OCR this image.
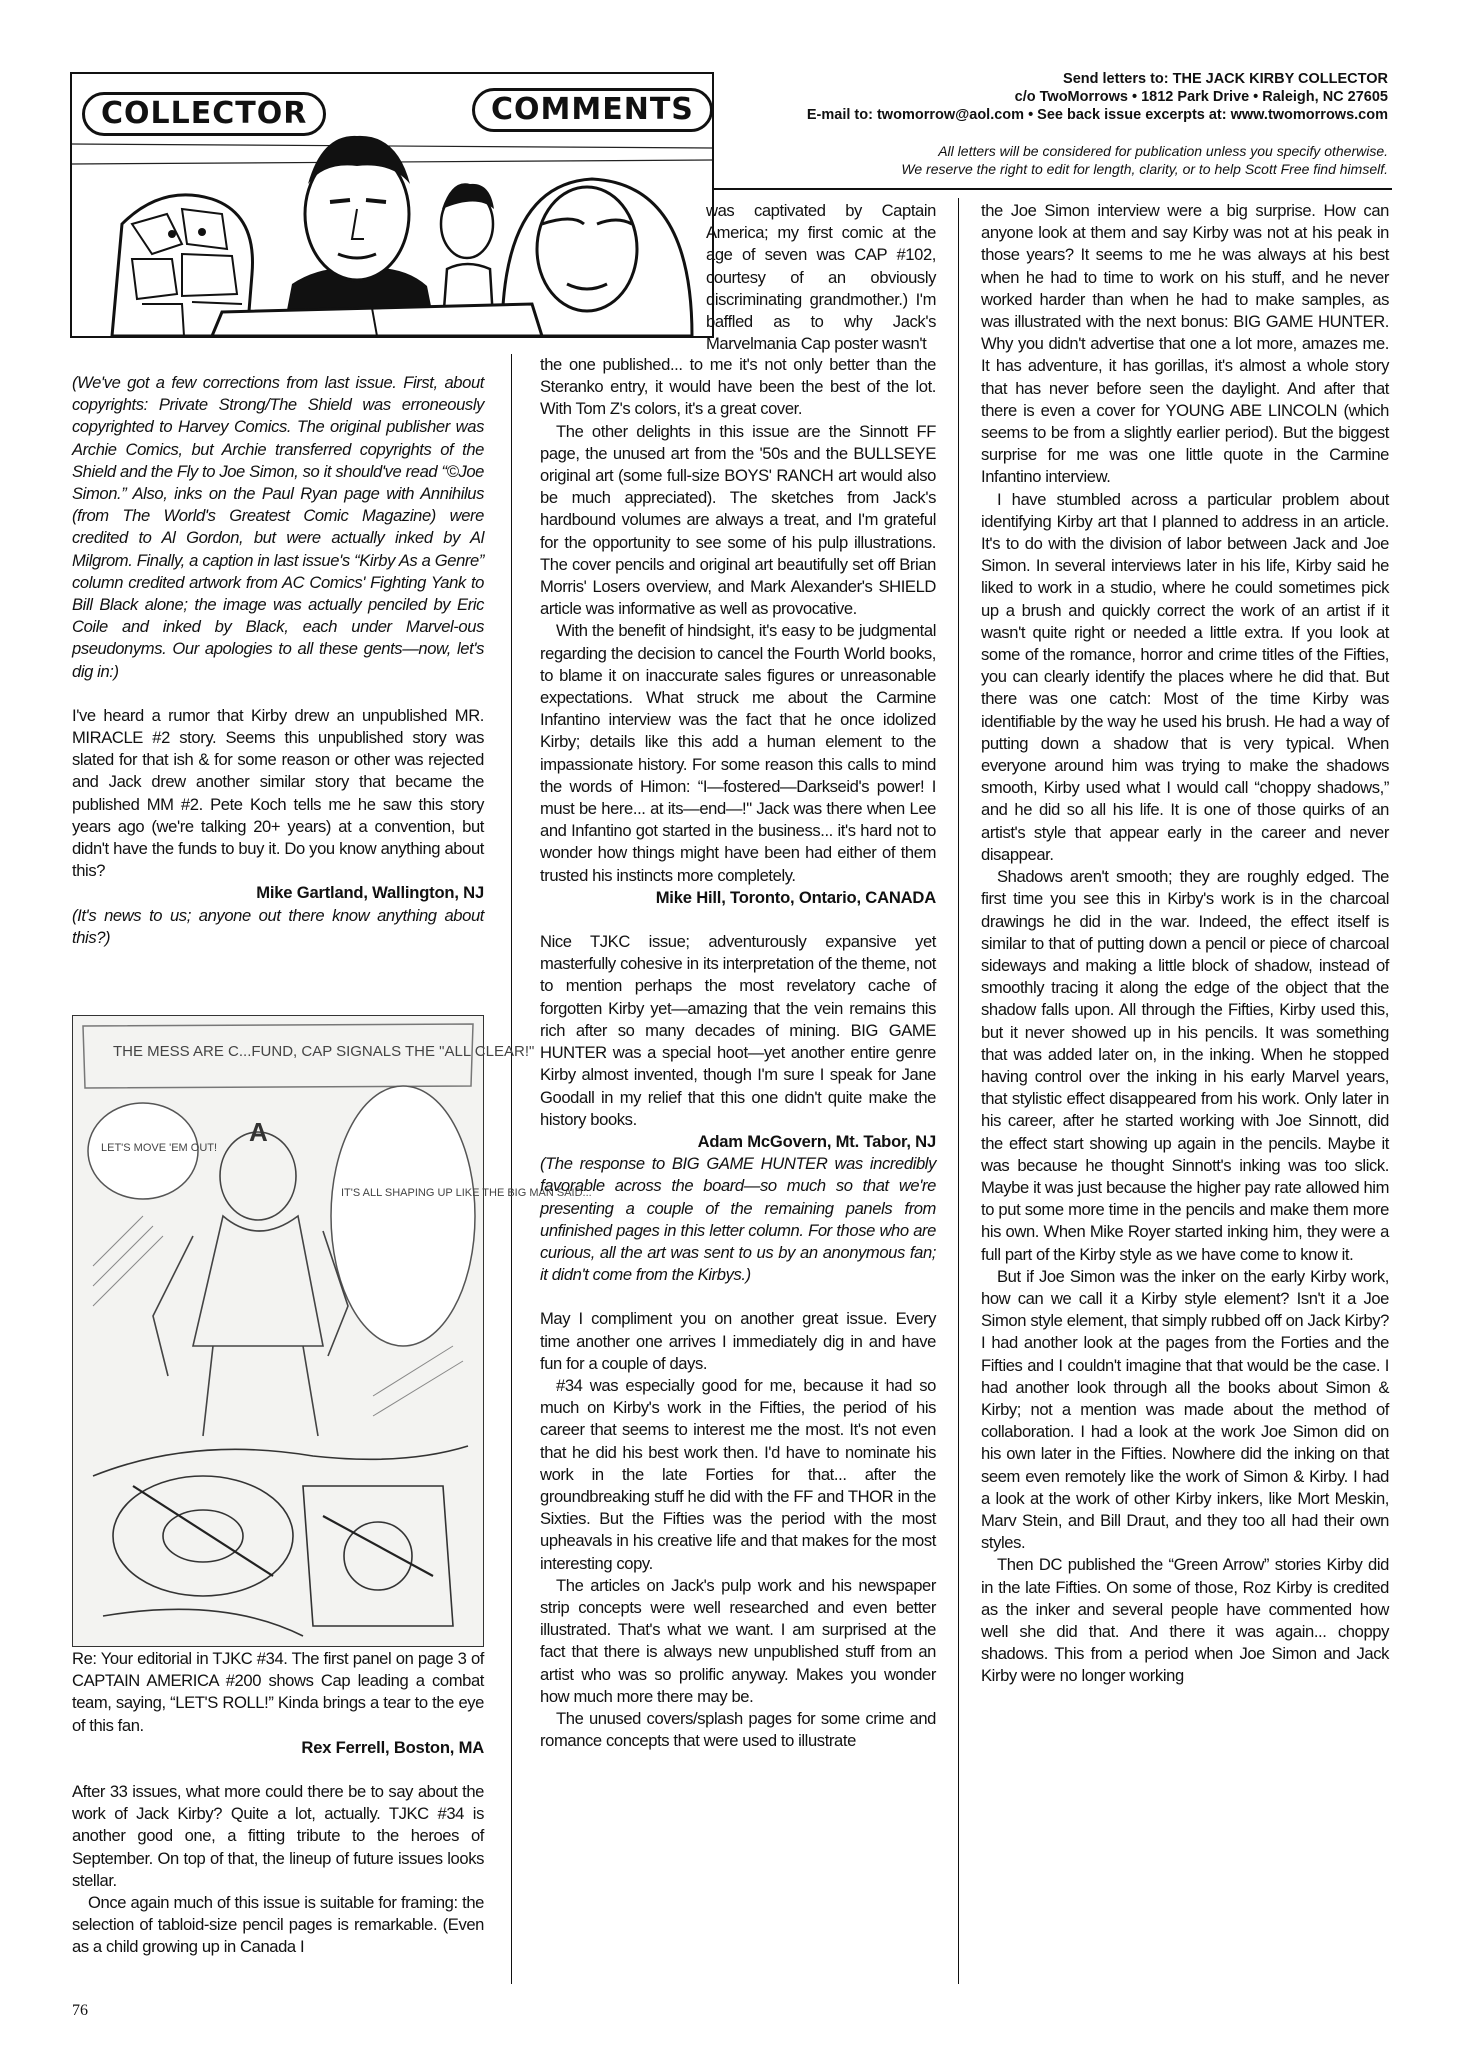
COLLECTOR	COMMENTS
Send letters to: THE JACK KIRBY COLLECTOR
c/o TwoMorrows • 1812 Park Drive • Raleigh, NC 27605
E-mail to: twomorrow@aol.com • See back issue excerpts at: www.twomorrows.com
All letters will be considered for publication unless you specify otherwise.
We reserve the right to edit for length, clarity, or to help Scott Free find himself.

(We've got a few corrections from last issue. First, about copyrights: Private Strong/The Shield was erroneously copyrighted to Harvey Comics. The original publisher was Archie Comics, but Archie transferred copyrights of the Shield and the Fly to Joe Simon, so it should've read “©Joe Simon.” Also, inks on the Paul Ryan page with Annihilus (from The World's Greatest Comic Magazine) were credited to Al Gordon, but were actually inked by Al Milgrom. Finally, a caption in last issue's “Kirby As a Genre” column credited artwork from AC Comics' Fighting Yank to Bill Black alone; the image was actually penciled by Eric Coile and inked by Black, each under Marvel-ous pseudonyms. Our apologies to all these gents—now, let's dig in:)

I've heard a rumor that Kirby drew an unpublished MR. MIRACLE #2 story. Seems this unpublished story was slated for that ish & for some reason or other was rejected and Jack drew another similar story that became the published MM #2. Pete Koch tells me he saw this story years ago (we're talking 20+ years) at a convention, but didn't have the funds to buy it. Do you know anything about this?

Mike Gartland, Wallington, NJ

(It's news to us; anyone out there know anything about this?)

A
THE MESS ARE C...FUND, CAP SIGNALS THE "ALL CLEAR!"
LET'S MOVE 'EM OUT!
IT'S ALL SHAPING UP LIKE THE BIG MAN SAID...

Re: Your editorial in TJKC #34. The first panel on page 3 of CAPTAIN AMERICA #200 shows Cap leading a combat team, saying, “LET'S ROLL!” Kinda brings a tear to the eye of this fan.

Rex Ferrell, Boston, MA

After 33 issues, what more could there be to say about the work of Jack Kirby? Quite a lot, actually. TJKC #34 is another good one, a fitting tribute to the heroes of September. On top of that, the lineup of future issues looks stellar.

Once again much of this issue is suitable for framing: the selection of tabloid-size pencil pages is remarkable. (Even as a child growing up in Canada I

was captivated by Captain America; my first comic at the age of seven was CAP #102, courtesy of an obviously discriminating grandmother.) I'm baffled as to why Jack's Marvelmania Cap poster wasn't

the one published... to me it's not only better than the Steranko entry, it would have been the best of the lot. With Tom Z's colors, it's a great cover.

The other delights in this issue are the Sinnott FF page, the unused art from the '50s and the BULLSEYE original art (some full-size BOYS' RANCH art would also be much appreciated). The sketches from Jack's hardbound volumes are always a treat, and I'm grateful for the opportunity to see some of his pulp illustrations. The cover pencils and original art beautifully set off Brian Morris' Losers overview, and Mark Alexander's SHIELD article was informative as well as provocative.

With the benefit of hindsight, it's easy to be judgmental regarding the decision to cancel the Fourth World books, to blame it on inaccurate sales figures or unreasonable expectations. What struck me about the Carmine Infantino interview was the fact that he once idolized Kirby; details like this add a human element to the impassionate history. For some reason this calls to mind the words of Himon: “I—fostered—Darkseid's power! I must be here... at its—end—!" Jack was there when Lee and Infantino got started in the business... it's hard not to wonder how things might have been had either of them trusted his instincts more completely.

Mike Hill, Toronto, Ontario, CANADA

Nice TJKC issue; adventurously expansive yet masterfully cohesive in its interpretation of the theme, not to mention perhaps the most revelatory cache of forgotten Kirby yet—amazing that the vein remains this rich after so many decades of mining. BIG GAME HUNTER was a special hoot—yet another entire genre Kirby almost invented, though I'm sure I speak for Jane Goodall in my relief that this one didn't quite make the history books.

Adam McGovern, Mt. Tabor, NJ

(The response to BIG GAME HUNTER was incredibly favorable across the board—so much so that we're presenting a couple of the remaining panels from unfinished pages in this letter column. For those who are curious, all the art was sent to us by an anonymous fan; it didn't come from the Kirbys.)

May I compliment you on another great issue. Every time another one arrives I immediately dig in and have fun for a couple of days.

#34 was especially good for me, because it had so much on Kirby's work in the Fifties, the period of his career that seems to interest me the most. It's not even that he did his best work then. I'd have to nominate his work in the late Forties for that... after the groundbreaking stuff he did with the FF and THOR in the Sixties. But the Fifties was the period with the most upheavals in his creative life and that makes for the most interesting copy.

The articles on Jack's pulp work and his newspaper strip concepts were well researched and even better illustrated. That's what we want. I am surprised at the fact that there is always new unpublished stuff from an artist who was so prolific anyway. Makes you wonder how much more there may be.

The unused covers/splash pages for some crime and romance concepts that were used to illustrate

the Joe Simon interview were a big surprise. How can anyone look at them and say Kirby was not at his peak in those years? It seems to me he was always at his best when he had to time to work on his stuff, and he never worked harder than when he had to make samples, as was illustrated with the next bonus: BIG GAME HUNTER. Why you didn't advertise that one a lot more, amazes me. It has adventure, it has gorillas, it's almost a whole story that has never before seen the daylight. And after that there is even a cover for YOUNG ABE LINCOLN (which seems to be from a slightly earlier period). But the biggest surprise for me was one little quote in the Carmine Infantino interview.

I have stumbled across a particular problem about identifying Kirby art that I planned to address in an article. It's to do with the division of labor between Jack and Joe Simon. In several interviews later in his life, Kirby said he liked to work in a studio, where he could sometimes pick up a brush and quickly correct the work of an artist if it wasn't quite right or needed a little extra. If you look at some of the romance, horror and crime titles of the Fifties, you can clearly identify the places where he did that. But there was one catch: Most of the time Kirby was identifiable by the way he used his brush. He had a way of putting down a shadow that is very typical. When everyone around him was trying to make the shadows smooth, Kirby used what I would call “choppy shadows,” and he did so all his life. It is one of those quirks of an artist's style that appear early in the career and never disappear.

Shadows aren't smooth; they are roughly edged. The first time you see this in Kirby's work is in the charcoal drawings he did in the war. Indeed, the effect itself is similar to that of putting down a pencil or piece of charcoal sideways and making a little block of shadow, instead of smoothly tracing it along the edge of the object that the shadow falls upon. All through the Fifties, Kirby used this, but it never showed up in his pencils. It was something that was added later on, in the inking. When he stopped having control over the inking in his early Marvel years, that stylistic effect disappeared from his work. Only later in his career, after he started working with Joe Sinnott, did the effect start showing up again in the pencils. Maybe it was because he thought Sinnott's inking was too slick. Maybe it was just because the higher pay rate allowed him to put some more time in the pencils and make them more his own. When Mike Royer started inking him, they were a full part of the Kirby style as we have come to know it.

But if Joe Simon was the inker on the early Kirby work, how can we call it a Kirby style element? Isn't it a Joe Simon style element, that simply rubbed off on Jack Kirby? I had another look at the pages from the Forties and the Fifties and I couldn't imagine that that would be the case. I had another look through all the books about Simon & Kirby; not a mention was made about the method of collaboration. I had a look at the work Joe Simon did on his own later in the Fifties. Nowhere did the inking on that seem even remotely like the work of Simon & Kirby. I had a look at the work of other Kirby inkers, like Mort Meskin, Marv Stein, and Bill Draut, and they too all had their own styles.

Then DC published the “Green Arrow” stories Kirby did in the late Fifties. On some of those, Roz Kirby is credited as the inker and several people have commented how well she did that. And there it was again... choppy shadows. This from a period when Joe Simon and Jack Kirby were no longer working

76
